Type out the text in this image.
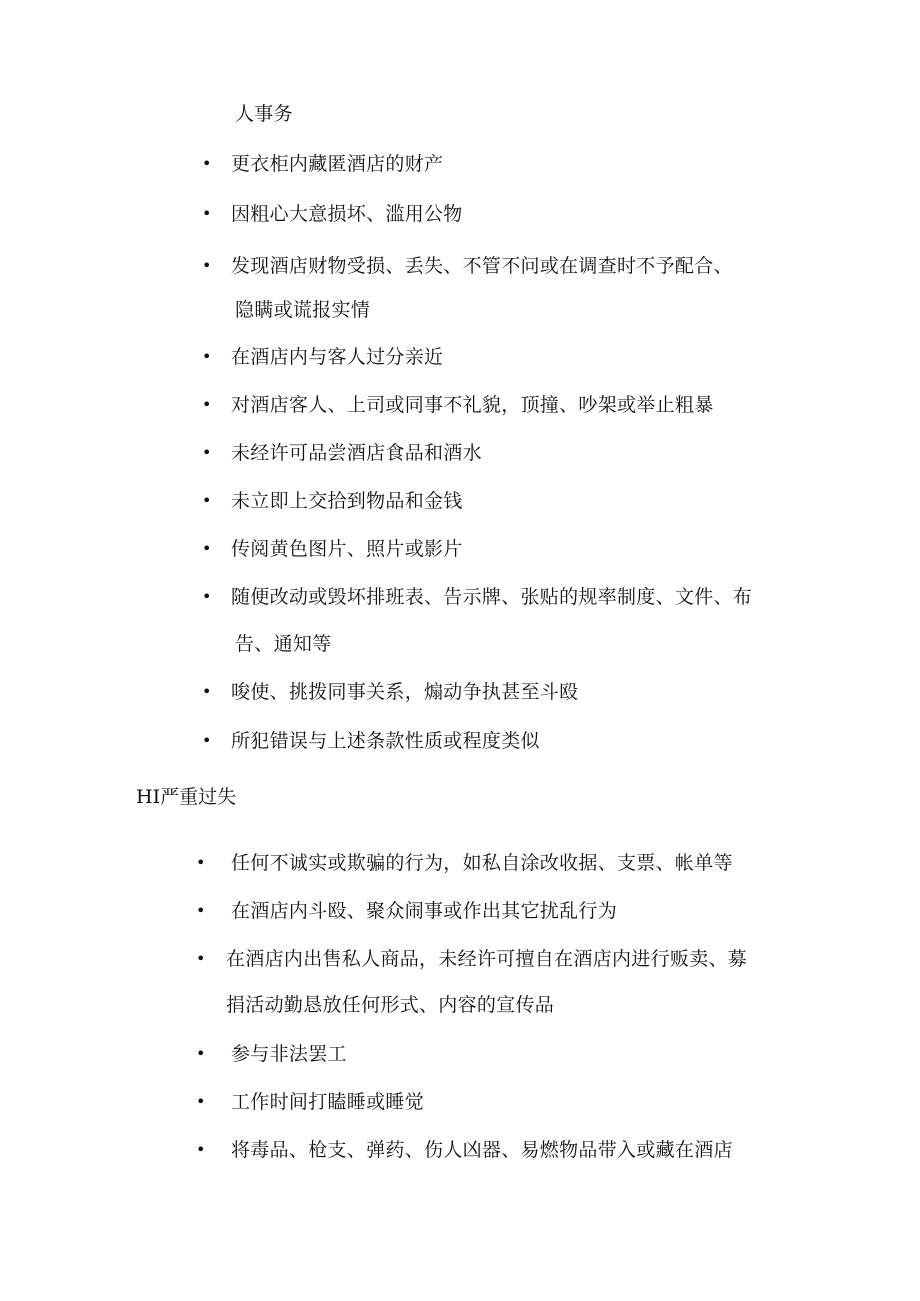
人事务
• 更衣柜内藏匿酒店的财产
• 因粗心大意损坏、滥用公物
• 发现酒店财物受损、丢失、不管不问或在调查时不予配合、
隐瞒或谎报实情
• 在酒店内与客人过分亲近
• 对酒店客人、上司或同事不礼貌，顶撞、吵架或举止粗暴
• 未经许可品尝酒店食品和酒水
• 未立即上交拾到物品和金钱
• 传阅黄色图片、照片或影片
• 随便改动或毁坏排班表、告示牌、张贴的规率制度、文件、布
告、通知等
• 唆使、挑拨同事关系，煽动争执甚至斗殴
• 所犯错误与上述条款性质或程度类似
HI严重过失
• 任何不诚实或欺骗的行为，如私自涂改收据、支票、帐单等
• 在酒店内斗殴、聚众闹事或作出其它扰乱行为
• 在酒店内出售私人商品，未经许可擅自在酒店内进行贩卖、募
捐活动勤恳放任何形式、内容的宣传品
• 参与非法罢工
• 工作时间打瞌睡或睡觉
• 将毒品、枪支、弹药、伤人凶器、易燃物品带入或藏在酒店
